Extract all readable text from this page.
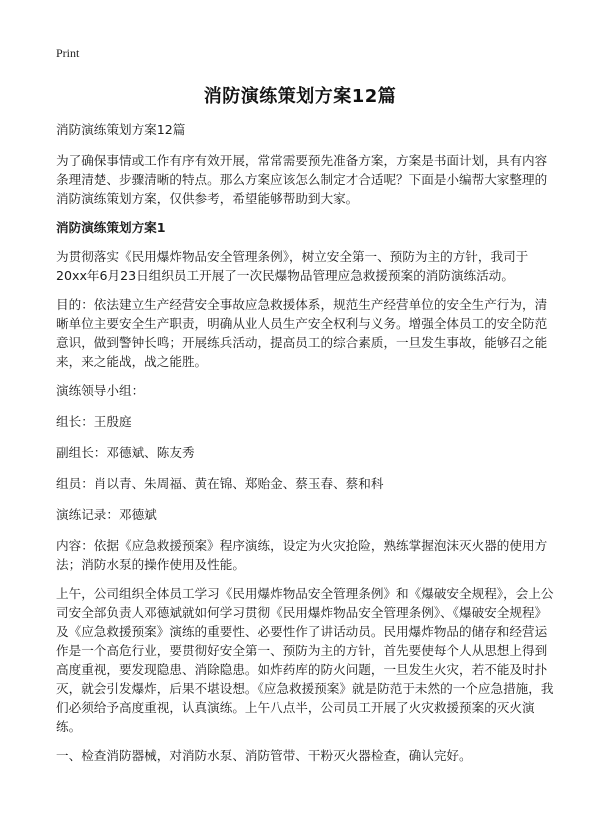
Print
消防演练策划方案12篇

消防演练策划方案12篇

为了确保事情或工作有序有效开展，常常需要预先准备方案，方案是书面计划，具有内容条理清楚、步骤清晰的特点。那么方案应该怎么制定才合适呢？下面是小编帮大家整理的消防演练策划方案，仅供参考，希望能够帮助到大家。

消防演练策划方案1

为贯彻落实《民用爆炸物品安全管理条例》，树立安全第一、预防为主的方针，我司于20xx年6月23日组织员工开展了一次民爆物品管理应急救援预案的消防演练活动。

目的：依法建立生产经营安全事故应急救援体系，规范生产经营单位的安全生产行为，清晰单位主要安全生产职责，明确从业人员生产安全权利与义务。增强全体员工的安全防范意识，做到警钟长鸣；开展练兵活动，提高员工的综合素质，一旦发生事故，能够召之能来，来之能战，战之能胜。

演练领导小组：

组长：王殷庭

副组长：邓德斌、陈友秀

组员：肖以青、朱周福、黄在锦、郑贻金、蔡玉春、蔡和科

演练记录：邓德斌

内容：依据《应急救援预案》程序演练，设定为火灾抢险，熟练掌握泡沫灭火器的使用方法；消防水泵的操作使用及性能。

上午，公司组织全体员工学习《民用爆炸物品安全管理条例》和《爆破安全规程》，会上公司安全部负责人邓德斌就如何学习贯彻《民用爆炸物品安全管理条例》、《爆破安全规程》及《应急救援预案》演练的重要性、必要性作了讲话动员。民用爆炸物品的储存和经营运作是一个高危行业，要贯彻好安全第一、预防为主的方针，首先要使每个人从思想上得到高度重视，要发现隐患、消除隐患。如炸药库的防火问题，一旦发生火灾，若不能及时扑灭，就会引发爆炸，后果不堪设想。《应急救援预案》就是防范于未然的一个应急措施，我们必须给予高度重视，认真演练。上午八点半，公司员工开展了火灾救援预案的灭火演练。

一、检查消防器械，对消防水泵、消防管带、干粉灭火器检查，确认完好。
